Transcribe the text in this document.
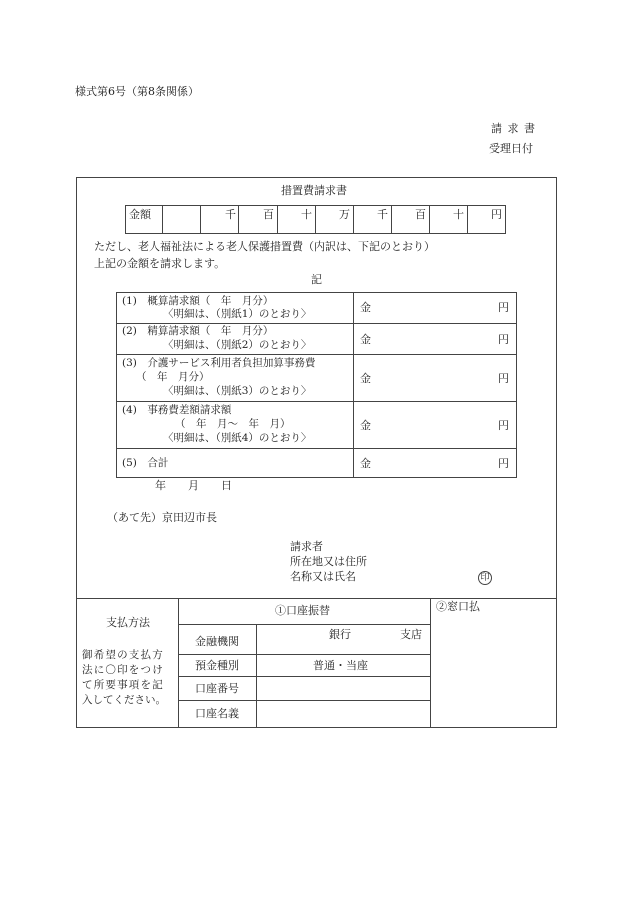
様式第6号（第8条関係）
請 求 書
受理日付
措置費請求書
金額	千 百 十 万 千 百 十 円
ただし、老人福祉法による老人保護措置費（内訳は、下記のとおり）
上記の金額を請求します。
記
(1)　概算請求額（　年　月分）
〈明細は、（別紙1）のとおり〉	金	円
(2)　精算請求額（　年　月分）
〈明細は、（別紙2）のとおり〉	金	円
(3)　介護サービス利用者負担加算事務費
（　年　月分）
〈明細は、（別紙3）のとおり〉
金	円
(4)　事務費差額請求額
（　年　月～　年　月）
〈明細は、（別紙4）のとおり〉
金	円
(5)　合計	金	円
年　　月　　日
（あて先）京田辺市長
請求者
所在地又は住所
名称又は氏名	印
支払方法
御希望の支払方
法に〇印をつけ
て所要事項を記
入してください。
①口座振替	②窓口払
金融機関
銀行	支店
預金種別	普通・当座
口座番号
口座名義
